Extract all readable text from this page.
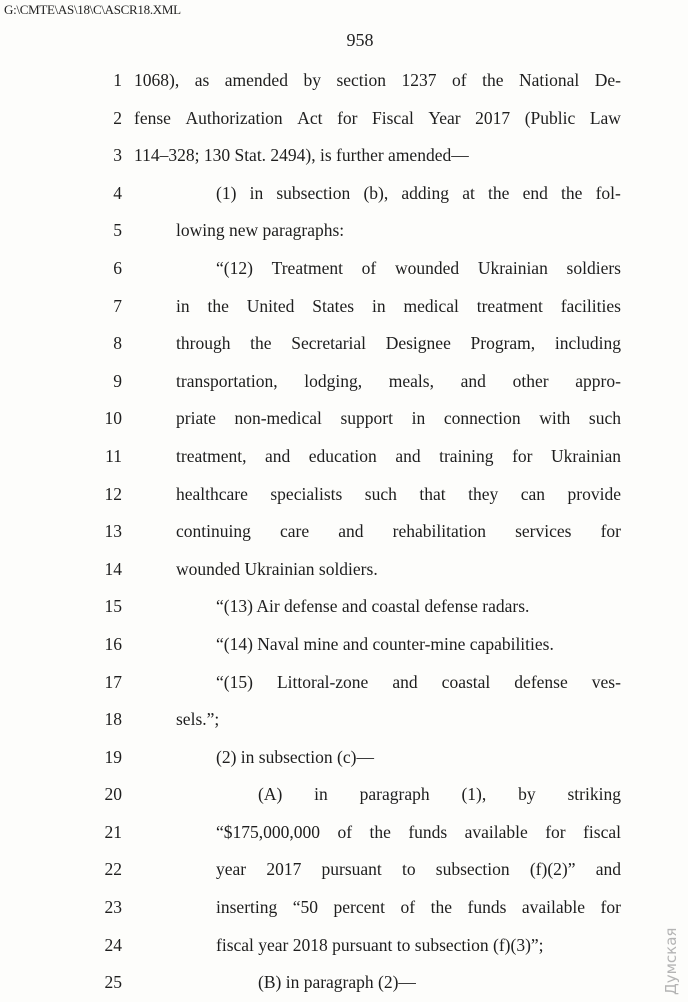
G:\CMTE\AS\18\C\ASCR18.XML
958
1 1068), as amended by section 1237 of the National De-
2 fense Authorization Act for Fiscal Year 2017 (Public Law
3 114–328; 130 Stat. 2494), is further amended—
4	(1) in subsection (b), adding at the end the fol-
5	lowing new paragraphs:
6	“(12) Treatment of wounded Ukrainian soldiers
7	in the United States in medical treatment facilities
8	through the Secretarial Designee Program, including
9	transportation, lodging, meals, and other appro-
10	priate non-medical support in connection with such
11	treatment, and education and training for Ukrainian
12	healthcare specialists such that they can provide
13	continuing care and rehabilitation services for
14	wounded Ukrainian soldiers.
15	“(13) Air defense and coastal defense radars.
16	“(14) Naval mine and counter-mine capabilities.
17	“(15) Littoral-zone and coastal defense ves-
18	sels.”;
19	(2) in subsection (c)—
20	(A) in paragraph (1), by striking
21	“$175,000,000 of the funds available for fiscal
22	year 2017 pursuant to subsection (f)(2)” and
23	inserting “50 percent of the funds available for
24	fiscal year 2018 pursuant to subsection (f)(3)”;
25	(B) in paragraph (2)—	Думская
